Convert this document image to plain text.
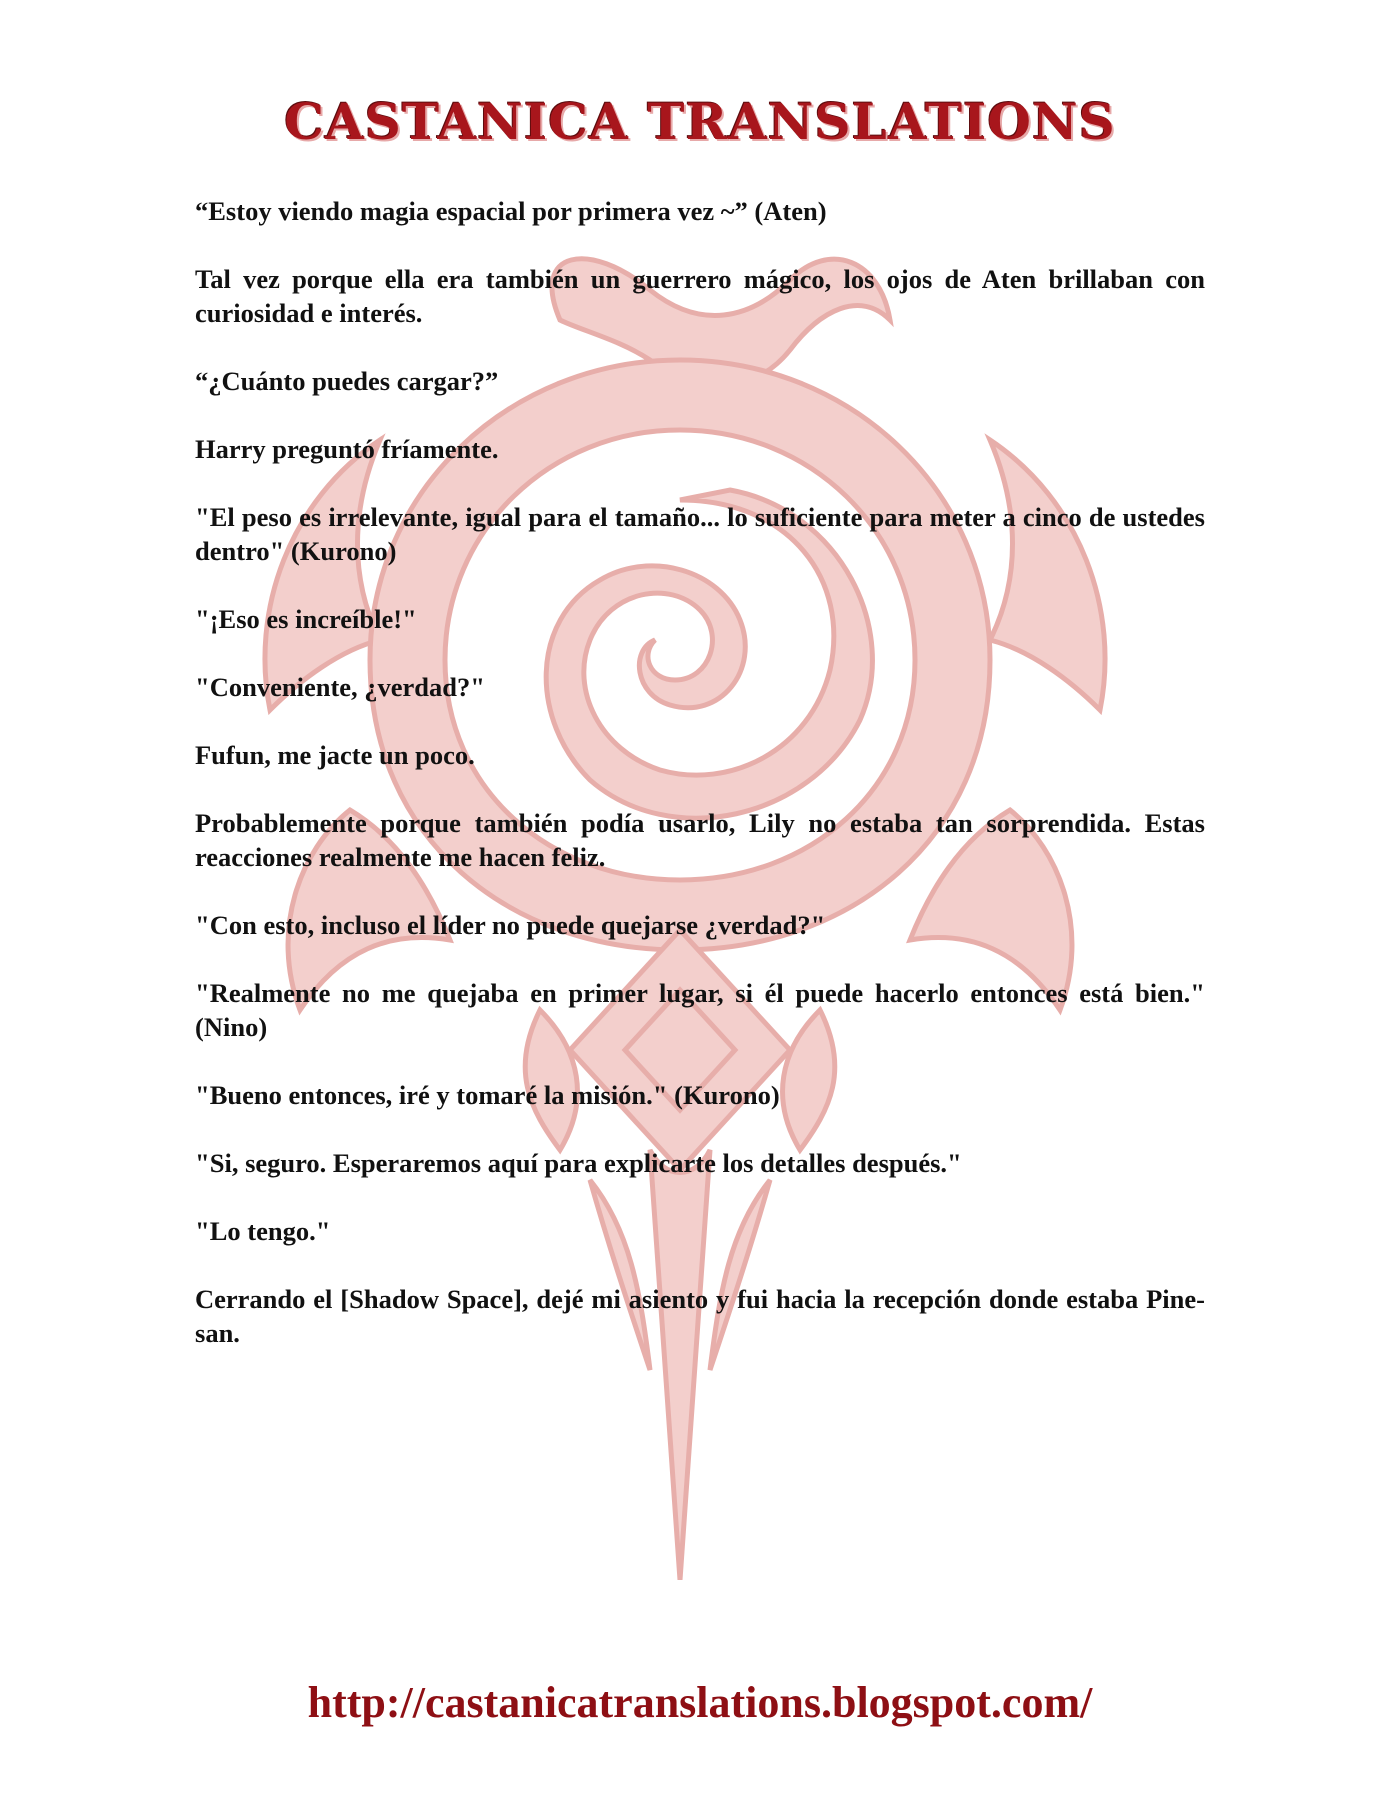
CASTANICA TRANSLATIONS

“Estoy viendo magia espacial por primera vez ~” (Aten)

Tal vez porque ella era también un guerrero mágico, los ojos de Aten brillaban con curiosidad e interés.

“¿Cuánto puedes cargar?”

Harry preguntó fríamente.

"El peso es irrelevante, igual para el tamaño... lo suficiente para meter a cinco de ustedes dentro" (Kurono)

"¡Eso es increíble!"

"Conveniente, ¿verdad?"

Fufun, me jacte un poco.

Probablemente porque también podía usarlo, Lily no estaba tan sorprendida. Estas reacciones realmente me hacen feliz.

"Con esto, incluso el líder no puede quejarse ¿verdad?"

"Realmente no me quejaba en primer lugar, si él puede hacerlo entonces está bien." (Nino)

"Bueno entonces, iré y tomaré la misión." (Kurono)

"Si, seguro. Esperaremos aquí para explicarte los detalles después."

"Lo tengo."

Cerrando el [Shadow Space], dejé mi asiento y fui hacia la recepción donde estaba Pine-san.

http://castanicatranslations.blogspot.com/
